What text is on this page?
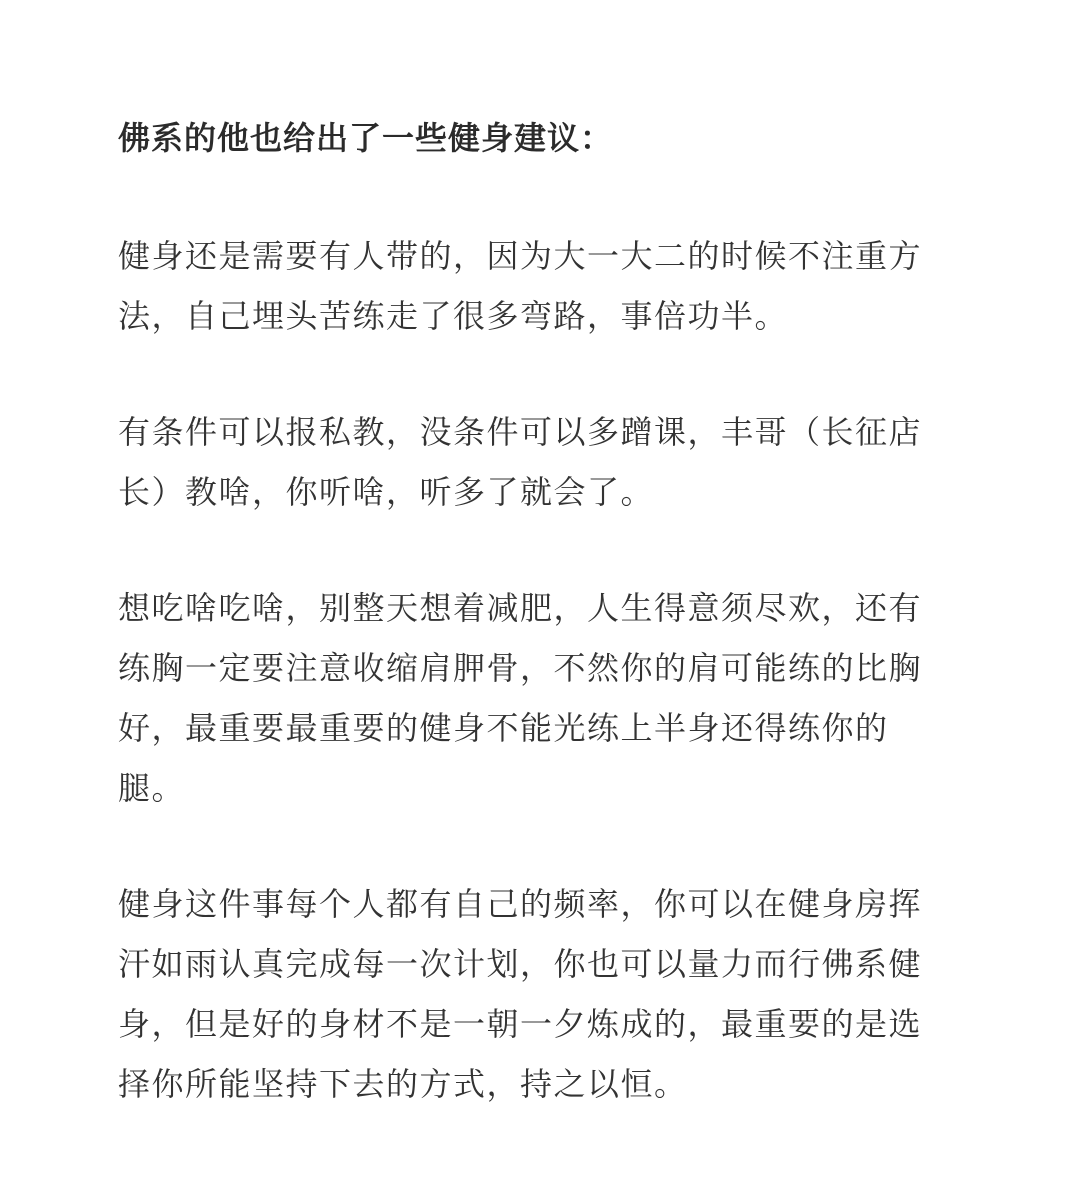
佛系的他也给出了一些健身建议：

健身还是需要有人带的，因为大一大二的时候不注重方法，自己埋头苦练走了很多弯路，事倍功半。

有条件可以报私教，没条件可以多蹭课，丰哥（长征店长）教啥，你听啥，听多了就会了。

想吃啥吃啥，别整天想着减肥，人生得意须尽欢，还有练胸一定要注意收缩肩胛骨，不然你的肩可能练的比胸好，最重要最重要的健身不能光练上半身还得练你的腿。

健身这件事每个人都有自己的频率，你可以在健身房挥汗如雨认真完成每一次计划，你也可以量力而行佛系健身，但是好的身材不是一朝一夕炼成的，最重要的是选择你所能坚持下去的方式，持之以恒。
